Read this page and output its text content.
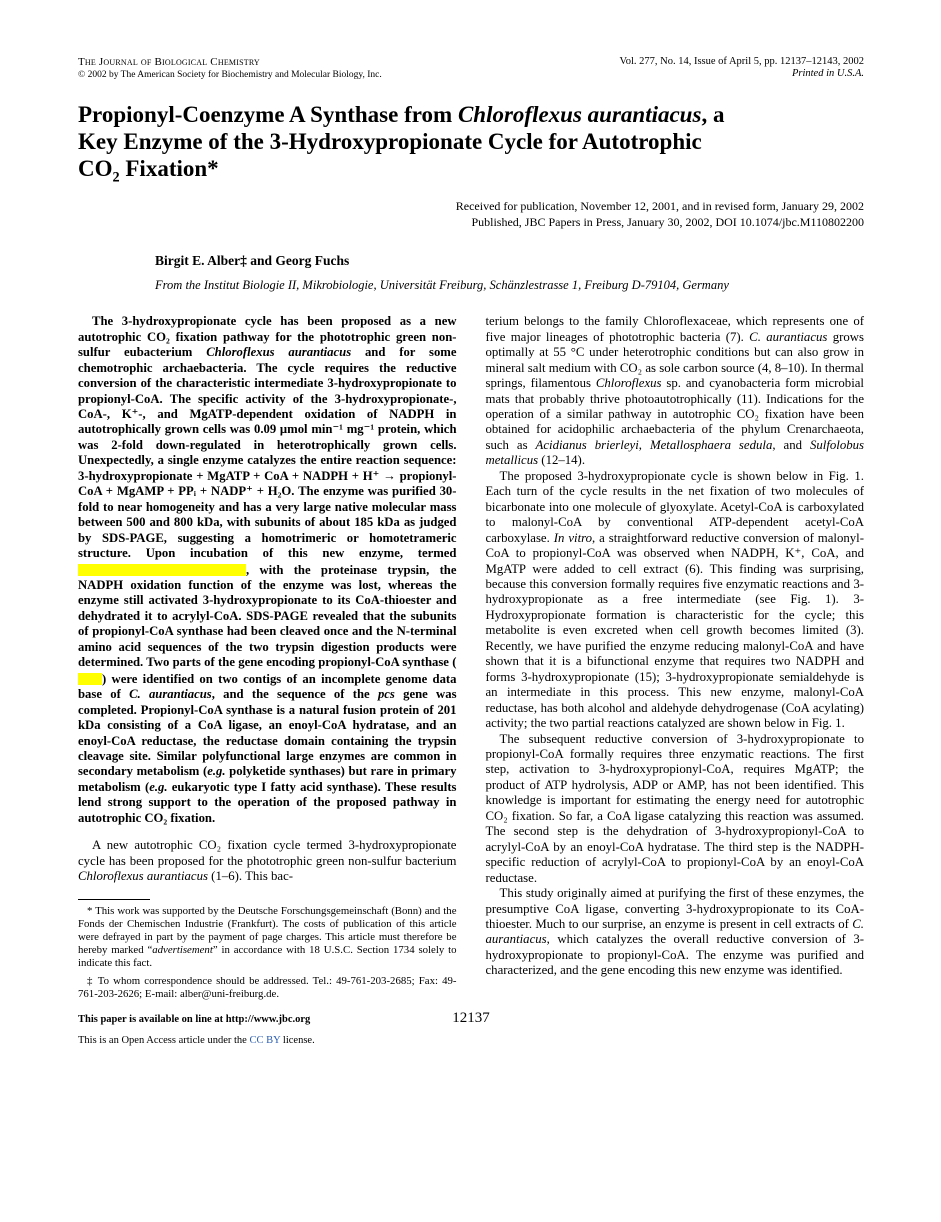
The Journal of Biological Chemistry
© 2002 by The American Society for Biochemistry and Molecular Biology, Inc.
Vol. 277, No. 14, Issue of April 5, pp. 12137–12143, 2002
Printed in U.S.A.
Propionyl-Coenzyme A Synthase from Chloroflexus aurantiacus, a
Key Enzyme of the 3-Hydroxypropionate Cycle for Autotrophic
$CO_2$ Fixation*
Received for publication, November 12, 2001, and in revised form, January 29, 2002
Published, JBC Papers in Press, January 30, 2002, DOI 10.1074/jbc.M110802200
Birgit E. Alber‡ and Georg Fuchs
From the Institut Biologie II, Mikrobiologie, Universität Freiburg, Schänzlestrasse 1, Freiburg D-79104, Germany

The 3-hydroxypropionate cycle has been proposed as a new autotrophic CO₂ fixation pathway for the phototrophic green non-sulfur eubacterium Chloroflexus aurantiacus and for some chemotrophic archaebacteria. The cycle requires the reductive conversion of the characteristic intermediate 3-hydroxypropionate to propionyl-CoA. The specific activity of the 3-hydroxypropionate-, CoA-, K⁺-, and MgATP-dependent oxidation of NADPH in autotrophically grown cells was 0.09 μmol min⁻¹ mg⁻¹ protein, which was 2-fold down-regulated in heterotrophically grown cells. Unexpectedly, a single enzyme catalyzes the entire reaction sequence: 3-hydroxypropionate + MgATP + CoA + NADPH + H⁺ → propionyl-CoA + MgAMP + PPᵢ + NADP⁺ + H₂O. The enzyme was purified 30-fold to near homogeneity and has a very large native molecular mass between 500 and 800 kDa, with subunits of about 185 kDa as judged by SDS-PAGE, suggesting a homotrimeric or homotetrameric structure. Upon incubation of this new enzyme, termed , with the proteinase trypsin, the NADPH oxidation function of the enzyme was lost, whereas the enzyme still activated 3-hydroxypropionate to its CoA-thioester and dehydrated it to acrylyl-CoA. SDS-PAGE revealed that the subunits of propionyl-CoA synthase had been cleaved once and the N-terminal amino acid sequences of the two trypsin digestion products were determined. Two parts of the gene encoding propionyl-CoA synthase () were identified on two contigs of an incomplete genome data base of C. aurantiacus, and the sequence of the pcs gene was completed. Propionyl-CoA synthase is a natural fusion protein of 201 kDa consisting of a CoA ligase, an enoyl-CoA hydratase, and an enoyl-CoA reductase, the reductase domain containing the trypsin cleavage site. Similar polyfunctional large enzymes are common in secondary metabolism (e.g. polyketide synthases) but rare in primary metabolism (e.g. eukaryotic type I fatty acid synthase). These results lend strong support to the operation of the proposed pathway in autotrophic CO₂ fixation.

A new autotrophic CO₂ fixation cycle termed 3-hydroxypropionate cycle has been proposed for the phototrophic green non-sulfur bacterium Chloroflexus aurantiacus (1–6). This bac-

* This work was supported by the Deutsche Forschungsgemeinschaft (Bonn) and the Fonds der Chemischen Industrie (Frankfurt). The costs of publication of this article were defrayed in part by the payment of page charges. This article must therefore be hereby marked “advertisement” in accordance with 18 U.S.C. Section 1734 solely to indicate this fact.

‡ To whom correspondence should be addressed. Tel.: 49-761-203-2685; Fax: 49-761-203-2626; E-mail: alber@uni-freiburg.de.

terium belongs to the family Chloroflexaceae, which represents one of five major lineages of phototrophic bacteria (7). C. aurantiacus grows optimally at 55 °C under heterotrophic conditions but can also grow in mineral salt medium with CO₂ as sole carbon source (4, 8–10). In thermal springs, filamentous Chloroflexus sp. and cyanobacteria form microbial mats that probably thrive photoautotrophically (11). Indications for the operation of a similar pathway in autotrophic CO₂ fixation have been obtained for acidophilic archaebacteria of the phylum Crenarchaeota, such as Acidianus brierleyi, Metallosphaera sedula, and Sulfolobus metallicus (12–14).

The proposed 3-hydroxypropionate cycle is shown below in Fig. 1. Each turn of the cycle results in the net fixation of two molecules of bicarbonate into one molecule of glyoxylate. Acetyl-CoA is carboxylated to malonyl-CoA by conventional ATP-dependent acetyl-CoA carboxylase. In vitro, a straightforward reductive conversion of malonyl-CoA to propionyl-CoA was observed when NADPH, K⁺, CoA, and MgATP were added to cell extract (6). This finding was surprising, because this conversion formally requires five enzymatic reactions and 3-hydroxypropionate as a free intermediate (see Fig. 1). 3-Hydroxypropionate formation is characteristic for the cycle; this metabolite is even excreted when cell growth becomes limited (3). Recently, we have purified the enzyme reducing malonyl-CoA and have shown that it is a bifunctional enzyme that requires two NADPH and forms 3-hydroxypropionate (15); 3-hydroxypropionate semialdehyde is an intermediate in this process. This new enzyme, malonyl-CoA reductase, has both alcohol and aldehyde dehydrogenase (CoA acylating) activity; the two partial reactions catalyzed are shown below in Fig. 1.

The subsequent reductive conversion of 3-hydroxypropionate to propionyl-CoA formally requires three enzymatic reactions. The first step, activation to 3-hydroxypropionyl-CoA, requires MgATP; the product of ATP hydrolysis, ADP or AMP, has not been identified. This knowledge is important for estimating the energy need for autotrophic CO₂ fixation. So far, a CoA ligase catalyzing this reaction was assumed. The second step is the dehydration of 3-hydroxypropionyl-CoA to acrylyl-CoA by an enoyl-CoA hydratase. The third step is the NADPH-specific reduction of acrylyl-CoA to propionyl-CoA by an enoyl-CoA reductase.

This study originally aimed at purifying the first of these enzymes, the presumptive CoA ligase, converting 3-hydroxypropionate to its CoA-thioester. Much to our surprise, an enzyme is present in cell extracts of C. aurantiacus, which catalyzes the overall reductive conversion of 3-hydroxypropionate to propionyl-CoA. The enzyme was purified and characterized, and the gene encoding this new enzyme was identified.

This paper is available on line at http://www.jbc.org	12137
This is an Open Access article under the CC BY license.
